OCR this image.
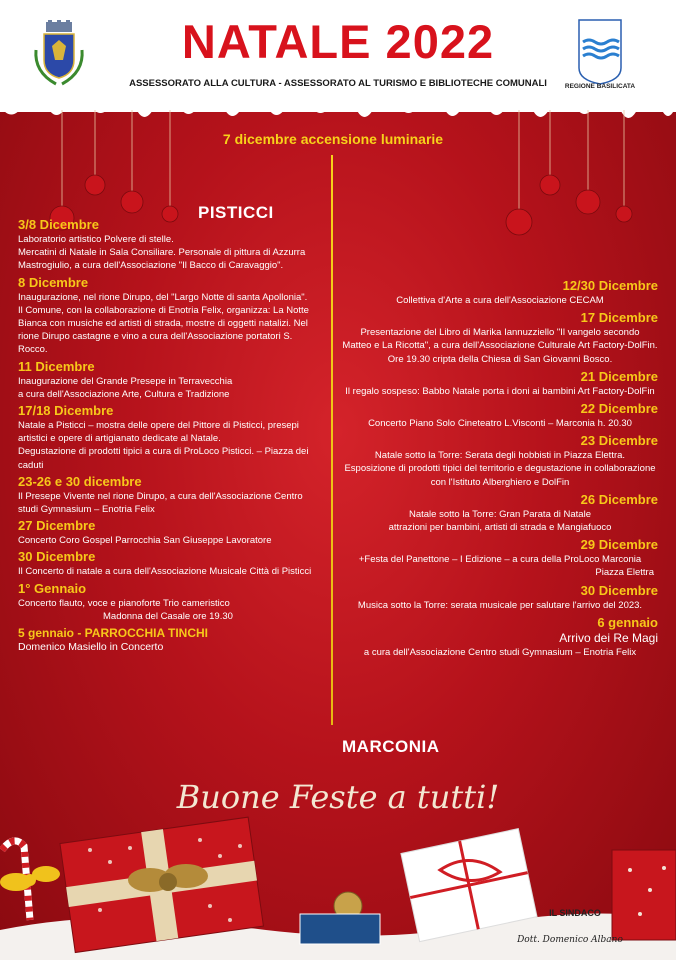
REGIONE BASILICATA
NATALE 2022
ASSESSORATO ALLA CULTURA - ASSESSORATO AL TURISMO E BIBLIOTECHE COMUNALI
7 dicembre accensione luminarie
PISTICCI
MARCONIA
3/8 Dicembre
Laboratorio artistico Polvere di stelle.
Mercatini di Natale in Sala Consiliare. Personale di pittura di Azzurra
Mastrogiulio, a cura dell'Associazione "Il Bacco di Caravaggio".
8 Dicembre
Inaugurazione, nel rione Dirupo, del "Largo Notte di santa Apollonia".
Il Comune, con la collaborazione di Enotria Felix, organizza: La Notte
Bianca con musiche ed artisti di strada, mostre di oggetti natalizi. Nel
rione Dirupo castagne e vino a cura dell'Associazione portatori S.
Rocco.
11 Dicembre
Inaugurazione del Grande Presepe in Terravecchia
a cura dell'Associazione Arte, Cultura e Tradizione
17/18 Dicembre
Natale a Pisticci – mostra delle opere del Pittore di Pisticci, presepi
artistici e opere di artigianato dedicate al Natale.
Degustazione di prodotti tipici a cura di ProLoco Pisticci. – Piazza dei
caduti
23-26 e 30 dicembre
Il Presepe Vivente nel rione Dirupo, a cura dell'Associazione Centro
studi Gymnasium – Enotria Felix
27 Dicembre
Concerto Coro Gospel Parrocchia San Giuseppe Lavoratore
30 Dicembre
Il Concerto di natale a cura dell'Associazione Musicale Città di Pisticci
1° Gennaio
Concerto flauto, voce e pianoforte Trio cameristico
Madonna del Casale ore 19.30
5 gennaio - PARROCCHIA TINCHI
Domenico Masiello in Concerto
12/30 Dicembre
Collettiva d'Arte a cura dell'Associazione CECAM
17 Dicembre
Presentazione del Libro di Marika Iannuzziello "Il vangelo secondo
Matteo e La Ricotta", a cura dell'Associazione Culturale Art Factory-DolFin.
Ore 19.30 cripta della Chiesa di San Giovanni Bosco.
21 Dicembre
Il regalo sospeso: Babbo Natale porta i doni ai bambini Art Factory-DolFin
22 Dicembre
Concerto Piano Solo Cineteatro L.Visconti – Marconia h. 20.30
23 Dicembre
Natale sotto la Torre: Serata degli hobbisti in Piazza Elettra.
Esposizione di prodotti tipici del territorio e degustazione in collaborazione
con l'Istituto Alberghiero e DolFin
26 Dicembre
Natale sotto la Torre: Gran Parata di Natale
attrazioni per bambini, artisti di strada e Mangiafuoco
29 Dicembre
+Festa del Panettone – I Edizione – a cura della ProLoco Marconia
Piazza Elettra
30 Dicembre
Musica sotto la Torre: serata musicale per salutare l'arrivo del 2023.
6 gennaio
Arrivo dei Re Magi
a cura dell'Associazione Centro studi Gymnasium – Enotria Felix
Buone Feste a tutti!
IL SINDACO
Dott. Domenico Albano
